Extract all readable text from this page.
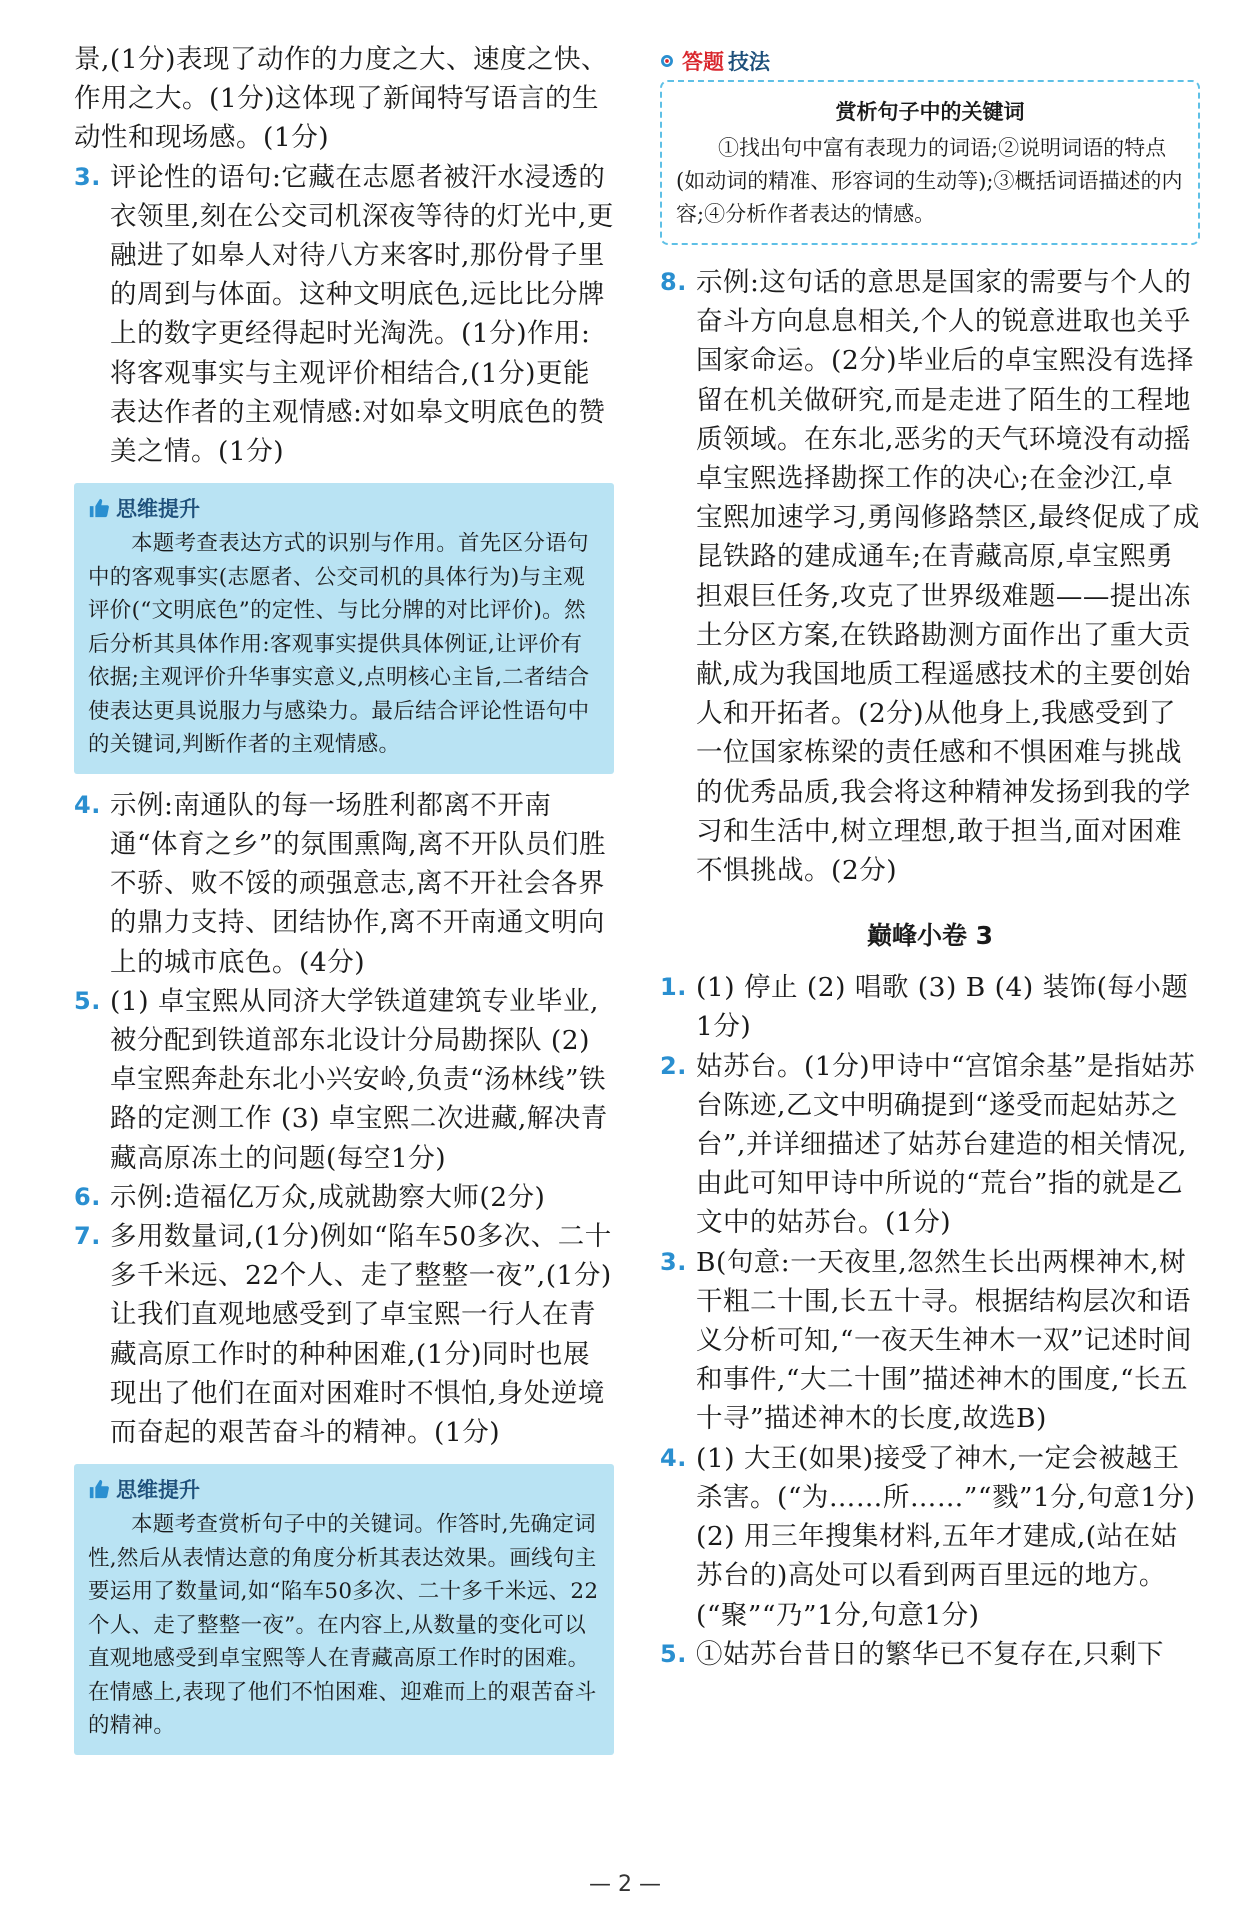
景,(1分)表现了动作的力度之大、速度之快、作用之大。(1分)这体现了新闻特写语言的生动性和现场感。(1分)

3. 评论性的语句:它藏在志愿者被汗水浸透的衣领里,刻在公交司机深夜等待的灯光中,更融进了如皋人对待八方来客时,那份骨子里的周到与体面。这种文明底色,远比比分牌上的数字更经得起时光淘洗。(1分)作用:将客观事实与主观评价相结合,(1分)更能表达作者的主观情感:对如皋文明底色的赞美之情。(1分)
思维提升

本题考查表达方式的识别与作用。首先区分语句中的客观事实(志愿者、公交司机的具体行为)与主观评价(“文明底色”的定性、与比分牌的对比评价)。然后分析其具体作用:客观事实提供具体例证,让评价有依据;主观评价升华事实意义,点明核心主旨,二者结合使表达更具说服力与感染力。最后结合评论性语句中的关键词,判断作者的主观情感。

4. 示例:南通队的每一场胜利都离不开南通“体育之乡”的氛围熏陶,离不开队员们胜不骄、败不馁的顽强意志,离不开社会各界的鼎力支持、团结协作,离不开南通文明向上的城市底色。(4分)
5. (1) 卓宝熙从同济大学铁道建筑专业毕业,被分配到铁道部东北设计分局勘探队 (2) 卓宝熙奔赴东北小兴安岭,负责“汤林线”铁路的定测工作 (3) 卓宝熙二次进藏,解决青藏高原冻土的问题(每空1分)
6. 示例:造福亿万众,成就勘察大师(2分)
7. 多用数量词,(1分)例如“陷车50多次、二十多千米远、22个人、走了整整一夜”,(1分)让我们直观地感受到了卓宝熙一行人在青藏高原工作时的种种困难,(1分)同时也展现出了他们在面对困难时不惧怕,身处逆境而奋起的艰苦奋斗的精神。(1分)
思维提升

本题考查赏析句子中的关键词。作答时,先确定词性,然后从表情达意的角度分析其表达效果。画线句主要运用了数量词,如“陷车50多次、二十多千米远、22个人、走了整整一夜”。在内容上,从数量的变化可以直观地感受到卓宝熙等人在青藏高原工作时的困难。在情感上,表现了他们不怕困难、迎难而上的艰苦奋斗的精神。

答题 技法

赏析句子中的关键词

①找出句中富有表现力的词语;②说明词语的特点(如动词的精准、形容词的生动等);③概括词语描述的内容;④分析作者表达的情感。

8. 示例:这句话的意思是国家的需要与个人的奋斗方向息息相关,个人的锐意进取也关乎国家命运。(2分)毕业后的卓宝熙没有选择留在机关做研究,而是走进了陌生的工程地质领域。在东北,恶劣的天气环境没有动摇卓宝熙选择勘探工作的决心;在金沙江,卓宝熙加速学习,勇闯修路禁区,最终促成了成昆铁路的建成通车;在青藏高原,卓宝熙勇担艰巨任务,攻克了世界级难题——提出冻土分区方案,在铁路勘测方面作出了重大贡献,成为我国地质工程遥感技术的主要创始人和开拓者。(2分)从他身上,我感受到了一位国家栋梁的责任感和不惧困难与挑战的优秀品质,我会将这种精神发扬到我的学习和生活中,树立理想,敢于担当,面对困难不惧挑战。(2分)
巅峰小卷 3
1. (1) 停止 (2) 唱歌 (3) B (4) 装饰(每小题1分)
2. 姑苏台。(1分)甲诗中“宫馆余基”是指姑苏台陈迹,乙文中明确提到“遂受而起姑苏之台”,并详细描述了姑苏台建造的相关情况,由此可知甲诗中所说的“荒台”指的就是乙文中的姑苏台。(1分)
3. B(句意:一天夜里,忽然生长出两棵神木,树干粗二十围,长五十寻。根据结构层次和语义分析可知,“一夜天生神木一双”记述时间和事件,“大二十围”描述神木的围度,“长五十寻”描述神木的长度,故选B)
4. (1) 大王(如果)接受了神木,一定会被越王杀害。(“为……所……”“戮”1分,句意1分)
(2) 用三年搜集材料,五年才建成,(站在姑苏台的)高处可以看到两百里远的地方。(“聚”“乃”1分,句意1分)
5. ①姑苏台昔日的繁华已不复存在,只剩下
— 2 —
